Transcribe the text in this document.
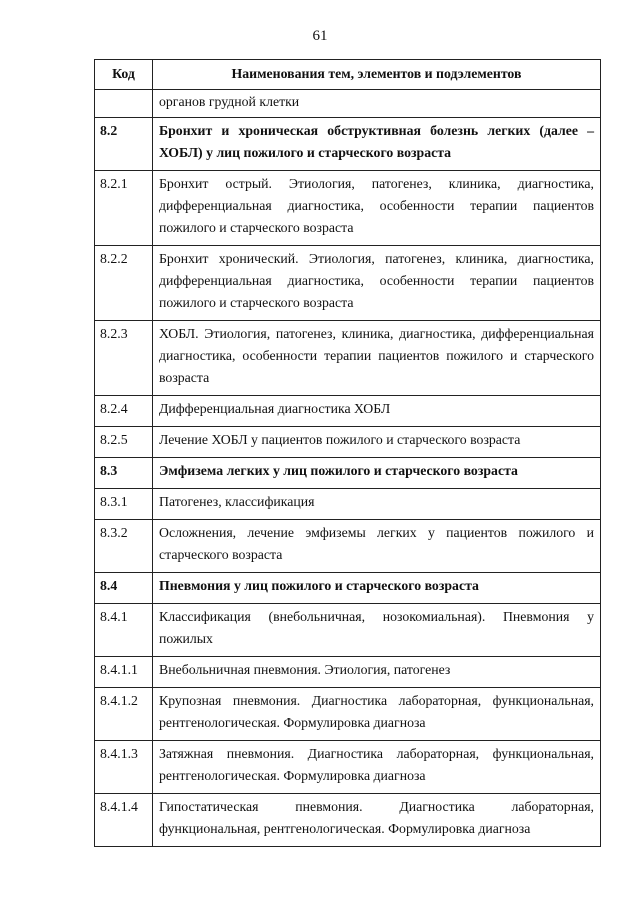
61
Код	Наименования тем, элементов и подэлементов
	органов грудной клетки
8.2	Бронхит и хроническая обструктивная болезнь легких (далее – ХОБЛ) у лиц пожилого и старческого возраста
8.2.1	Бронхит острый. Этиология, патогенез, клиника, диагностика, дифференциальная диагностика, особенности терапии пациентов пожилого и старческого возраста
8.2.2	Бронхит хронический. Этиология, патогенез, клиника, диагностика, дифференциальная диагностика, особенности терапии пациентов пожилого и старческого возраста
8.2.3	ХОБЛ. Этиология, патогенез, клиника, диагностика, дифференциальная диагностика, особенности терапии пациентов пожилого и старческого возраста
8.2.4	Дифференциальная диагностика ХОБЛ
8.2.5	Лечение ХОБЛ у пациентов пожилого и старческого возраста
8.3	Эмфизема легких у лиц пожилого и старческого возраста
8.3.1	Патогенез, классификация
8.3.2	Осложнения, лечение эмфиземы легких у пациентов пожилого и старческого возраста
8.4	Пневмония у лиц пожилого и старческого возраста
8.4.1	Классификация (внебольничная, нозокомиальная). Пневмония у пожилых
8.4.1.1	Внебольничная пневмония. Этиология, патогенез
8.4.1.2	Крупозная пневмония. Диагностика лабораторная, функциональная, рентгенологическая. Формулировка диагноза
8.4.1.3	Затяжная пневмония. Диагностика лабораторная, функциональная, рентгенологическая. Формулировка диагноза
8.4.1.4	Гипостатическая пневмония. Диагностика лабораторная, функциональная, рентгенологическая. Формулировка диагноза
